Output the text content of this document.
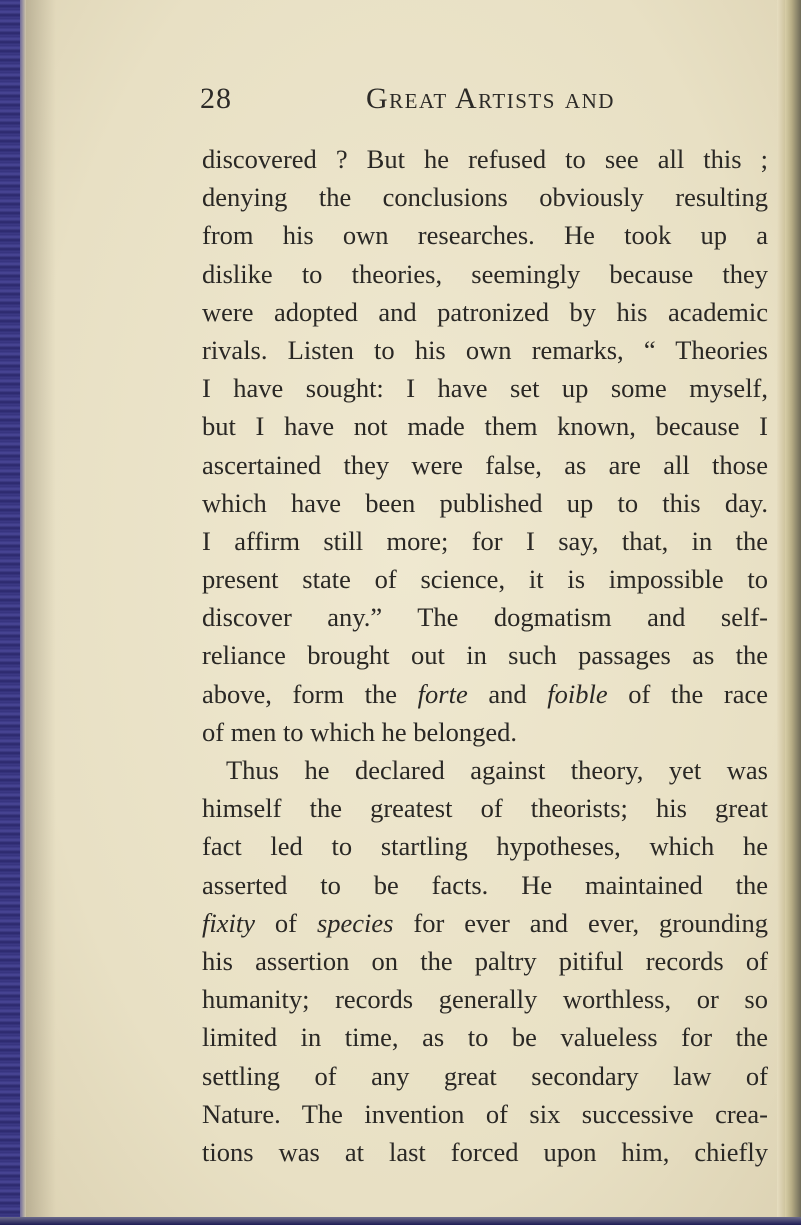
28	Great Artists and
discovered ? But he refused to see all this ;
denying the conclusions obviously resulting
from his own researches. He took up a
dislike to theories, seemingly because they
were adopted and patronized by his academic
rivals. Listen to his own remarks, “ Theories
I have sought: I have set up some myself,
but I have not made them known, because I
ascertained they were false, as are all those
which have been published up to this day.
I affirm still more; for I say, that, in the
present state of science, it is impossible to
discover any.” The dogmatism and self-
reliance brought out in such passages as the
above, form the forte and foible of the race
of men to which he belonged.
Thus he declared against theory, yet was
himself the greatest of theorists; his great
fact led to startling hypotheses, which he
asserted to be facts. He maintained the
fixity of species for ever and ever, grounding
his assertion on the paltry pitiful records of
humanity; records generally worthless, or so
limited in time, as to be valueless for the
settling of any great secondary law of
Nature. The invention of six successive crea-
tions was at last forced upon him, chiefly
